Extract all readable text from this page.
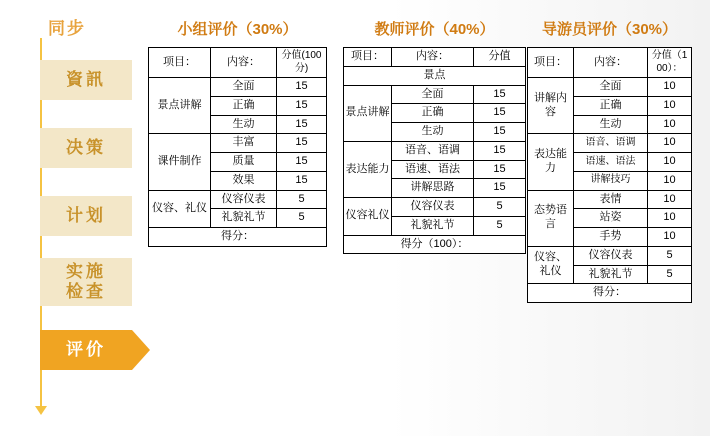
同步
資訊
决策
计划
实施
检查
评价
小组评价（30%）
项目：	内容：	分值(100分)
景点讲解	全面	15
	正确	15
	生动	15
课件制作	丰富	15
	质量	15
	效果	15
仪容、礼仪	仪容仪表	5
	礼貌礼节	5
得分：		
教师评价（40%）
项目：	内容：	分值
景点		
景点讲解	全面	15
	正确	15
	生动	15
表达能力	语音、语调	15
	语速、语法	15
	讲解思路	15
仪容礼仪	仪容仪表	5
	礼貌礼节	5
得分（100）：		
导游员评价（30%）
项目：	内容：	分值（100）：
讲解内容	全面	10
	正确	10
	生动	10
表达能力	语音、语调	10
	语速、语法	10
	讲解技巧	10
态势语言	表情	10
	站姿	10
	手势	10
仪容、礼仪	仪容仪表	5
	礼貌礼节	5
得分：		
